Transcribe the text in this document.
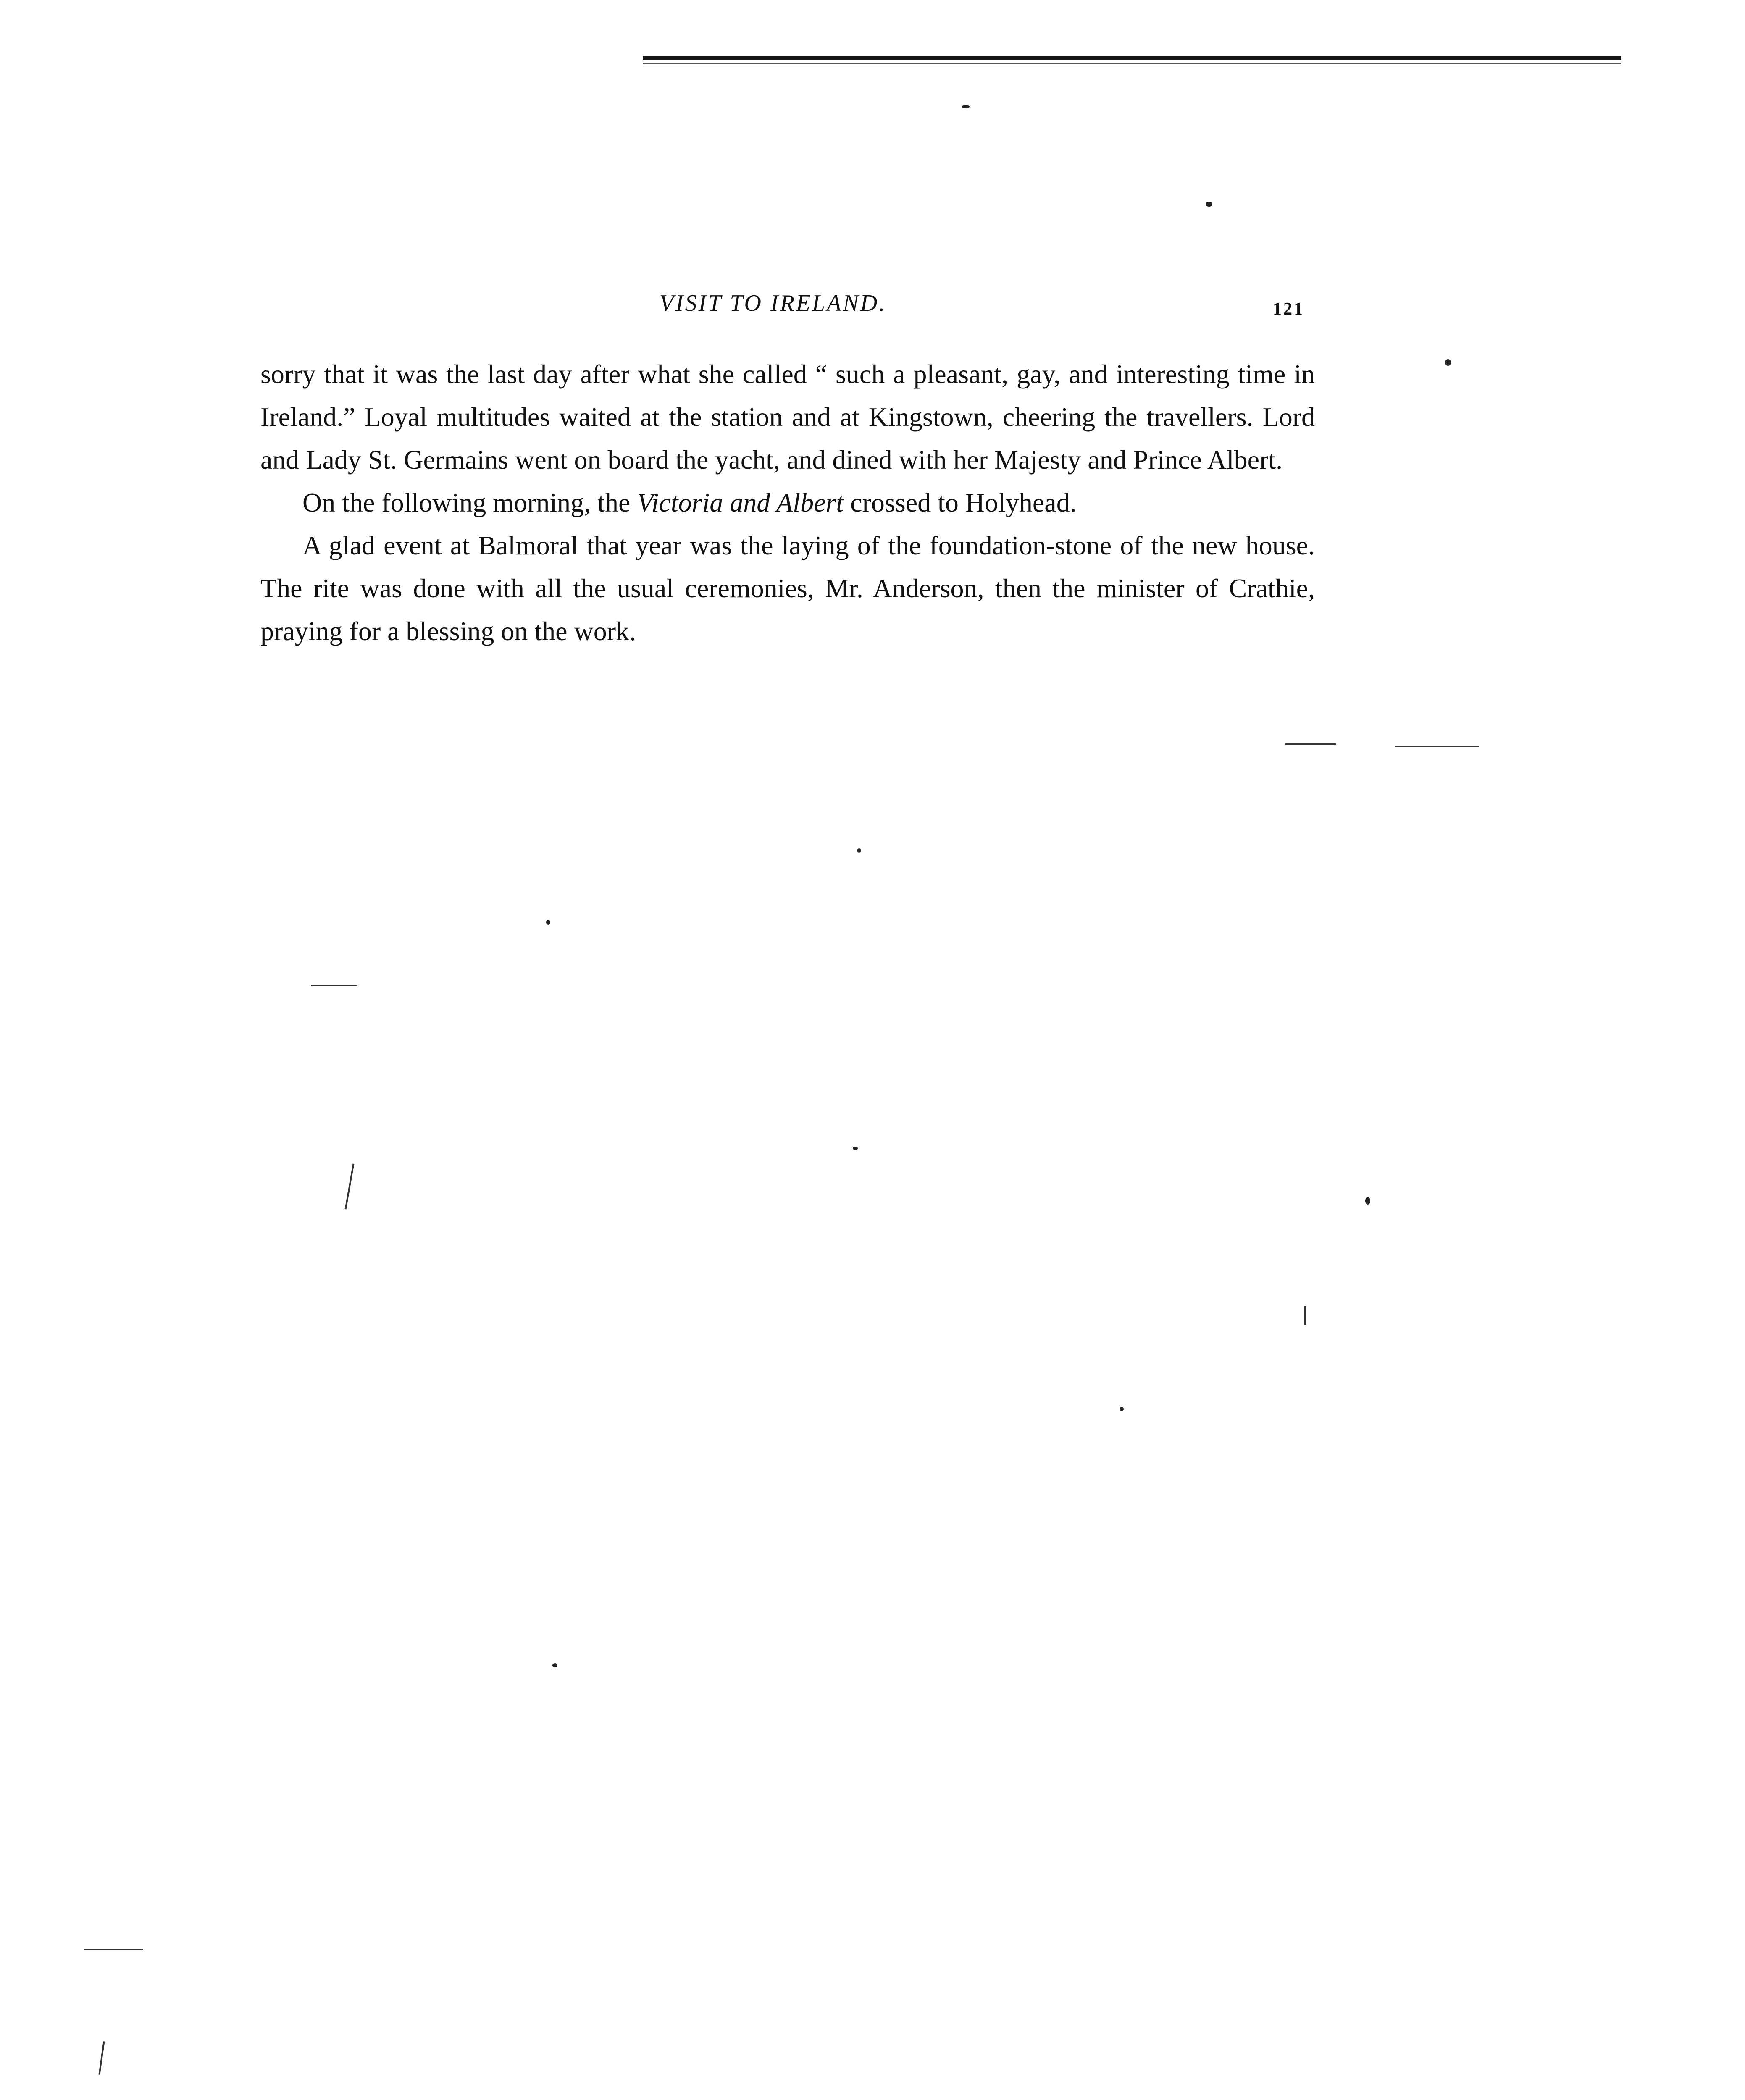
VISIT TO IRELAND.	121

sorry that it was the last day after what she called “ such a pleasant, gay, and interesting time in Ireland.” Loyal multitudes waited at the station and at Kingstown, cheering the travellers. Lord and Lady St. Germains went on board the yacht, and dined with her Majesty and Prince Albert.

On the following morning, the Victoria and Albert crossed to Holyhead.

A glad event at Balmoral that year was the laying of the foundation-stone of the new house. The rite was done with all the usual ceremonies, Mr. Anderson, then the minister of Crathie, praying for a blessing on the work.
